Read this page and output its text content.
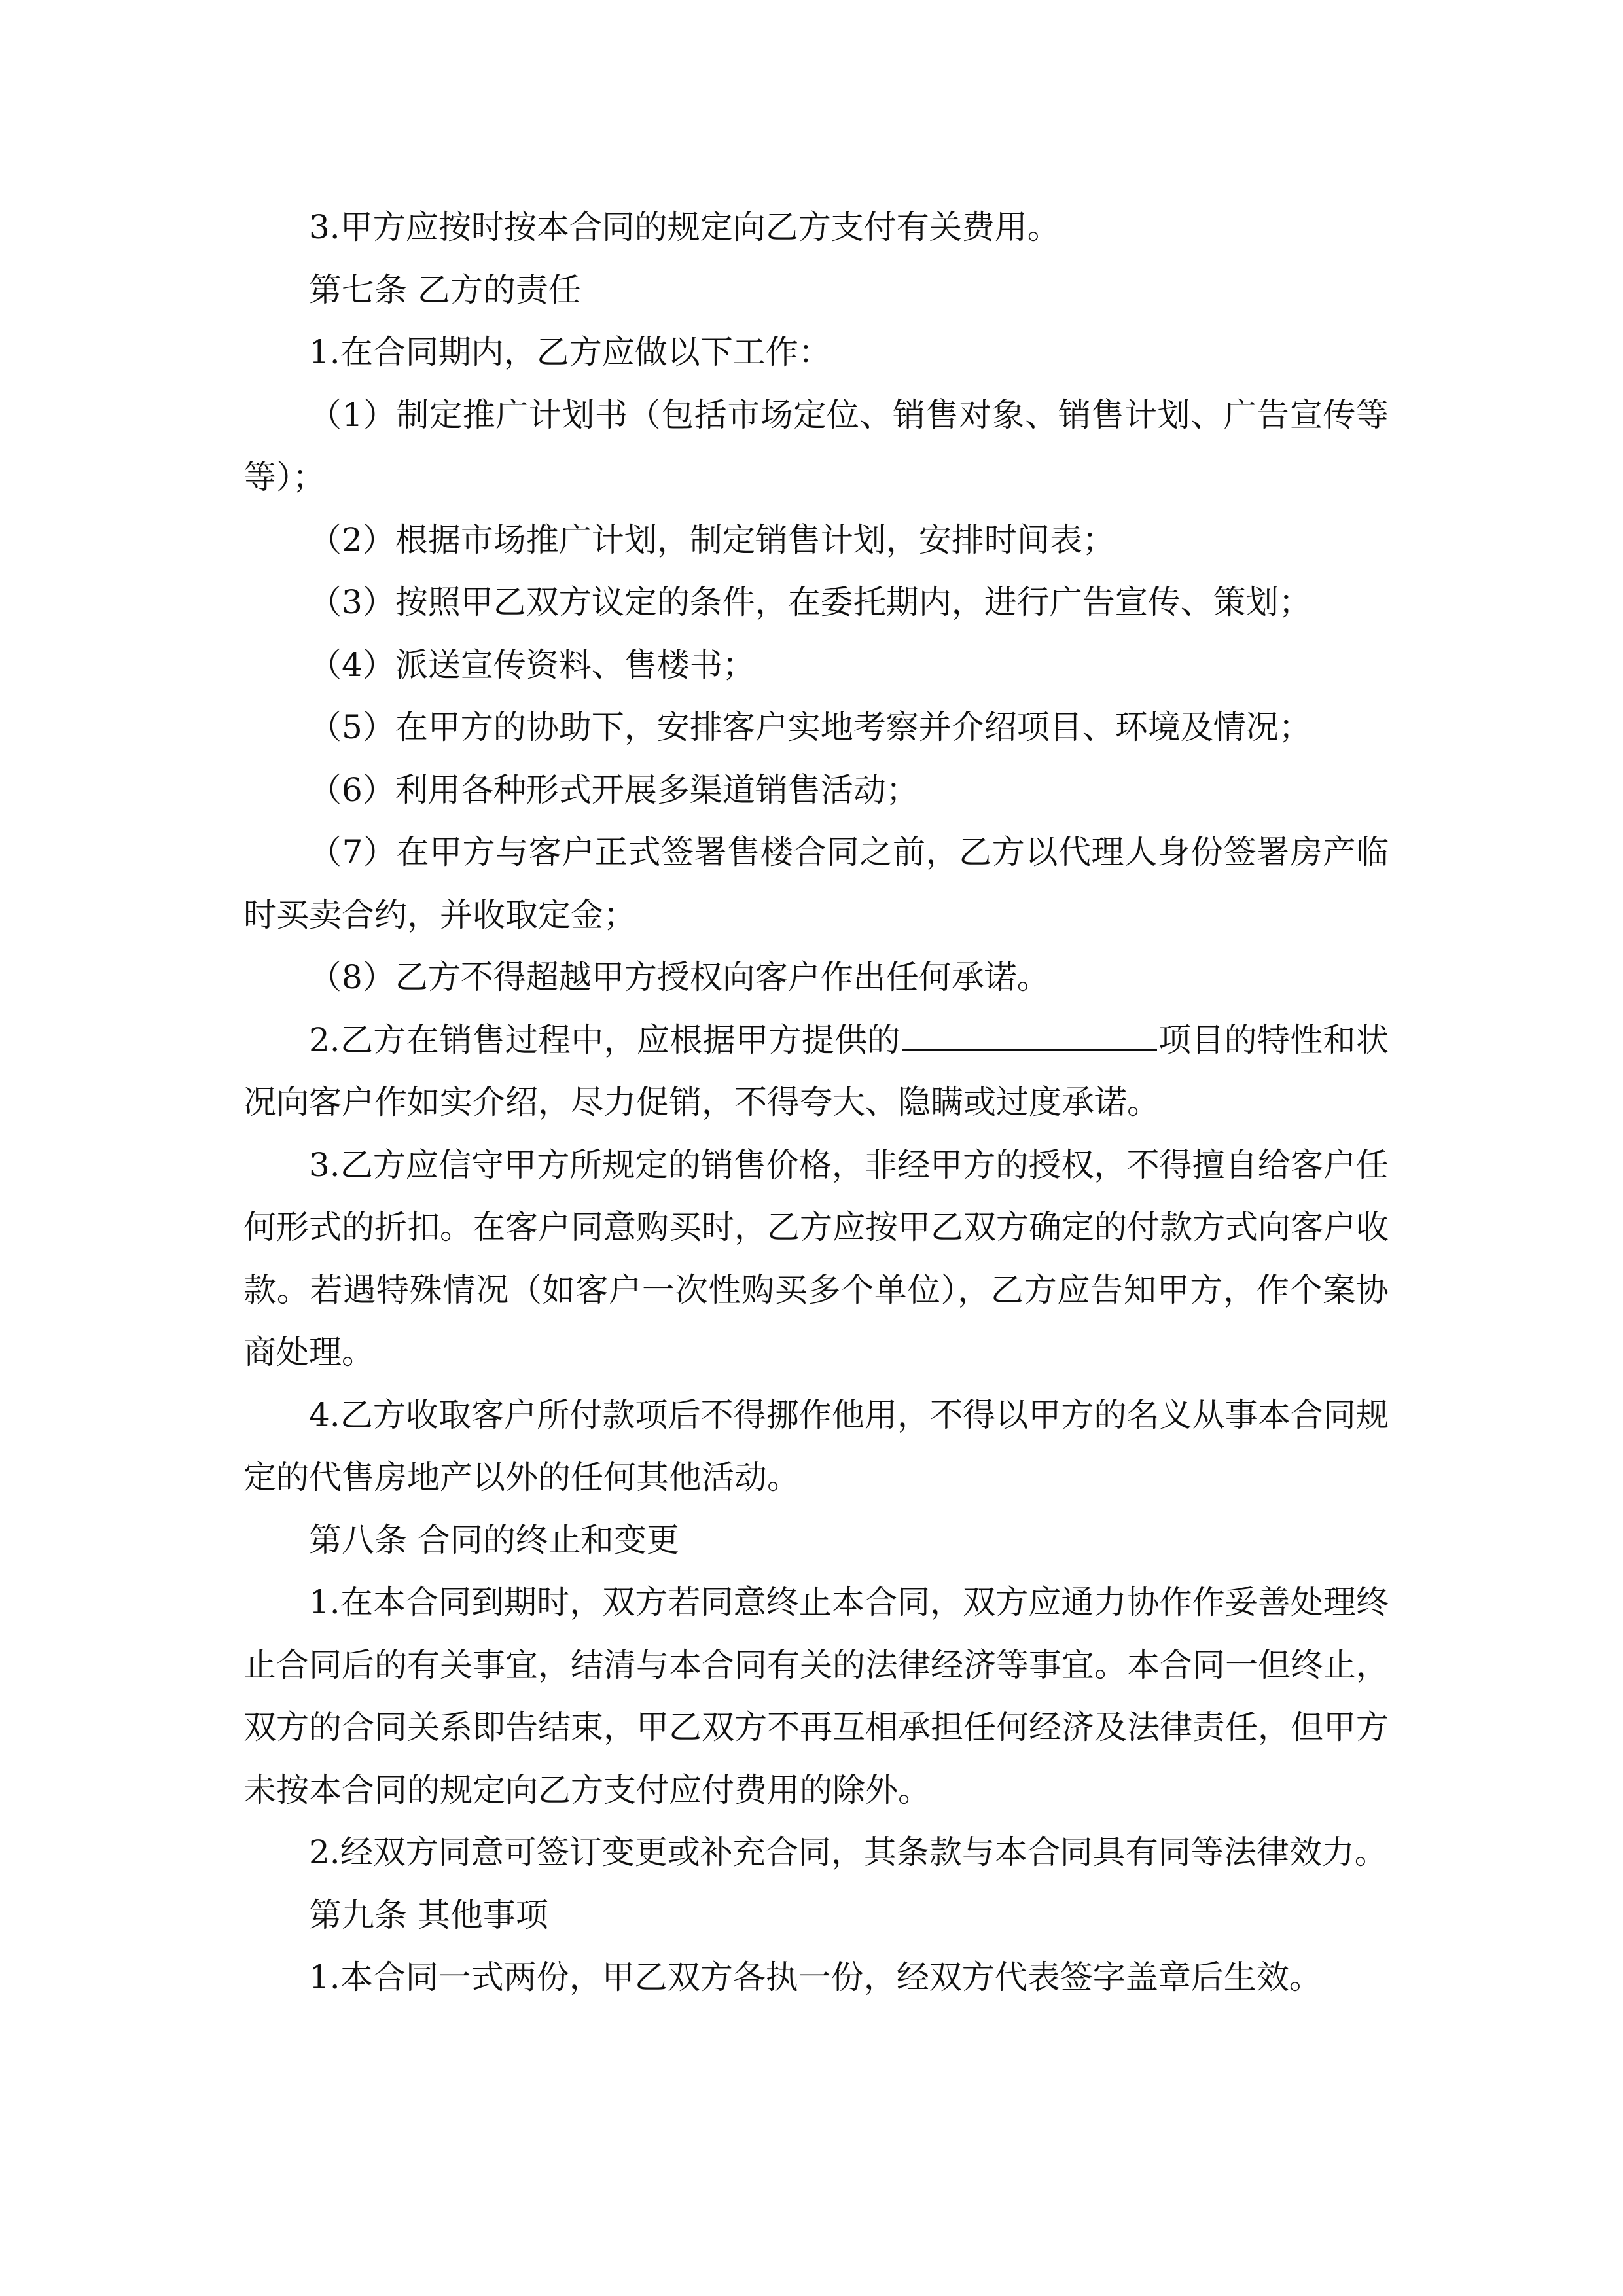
3.甲方应按时按本合同的规定向乙方支付有关费用。

第七条 乙方的责任

1.在合同期内，乙方应做以下工作：

（1）制定推广计划书（包括市场定位、销售对象、销售计划、广告宣传等等）；

（2）根据市场推广计划，制定销售计划，安排时间表；

（3）按照甲乙双方议定的条件，在委托期内，进行广告宣传、策划；

（4）派送宣传资料、售楼书；

（5）在甲方的协助下，安排客户实地考察并介绍项目、环境及情况；

（6）利用各种形式开展多渠道销售活动；

（7）在甲方与客户正式签署售楼合同之前，乙方以代理人身份签署房产临时买卖合约，并收取定金；

（8）乙方不得超越甲方授权向客户作出任何承诺。

2.乙方在销售过程中，应根据甲方提供的	项目的特性和状况向客户作如实介绍，尽力促销，不得夸大、隐瞒或过度承诺。

3.乙方应信守甲方所规定的销售价格，非经甲方的授权，不得擅自给客户任何形式的折扣。在客户同意购买时，乙方应按甲乙双方确定的付款方式向客户收款。若遇特殊情况（如客户一次性购买多个单位），乙方应告知甲方，作个案协商处理。

4.乙方收取客户所付款项后不得挪作他用，不得以甲方的名义从事本合同规定的代售房地产以外的任何其他活动。

第八条 合同的终止和变更

1.在本合同到期时，双方若同意终止本合同，双方应通力协作作妥善处理终止合同后的有关事宜，结清与本合同有关的法律经济等事宜。本合同一但终止，双方的合同关系即告结束，甲乙双方不再互相承担任何经济及法律责任，但甲方未按本合同的规定向乙方支付应付费用的除外。

2.经双方同意可签订变更或补充合同，其条款与本合同具有同等法律效力。

第九条 其他事项

1.本合同一式两份，甲乙双方各执一份，经双方代表签字盖章后生效。
